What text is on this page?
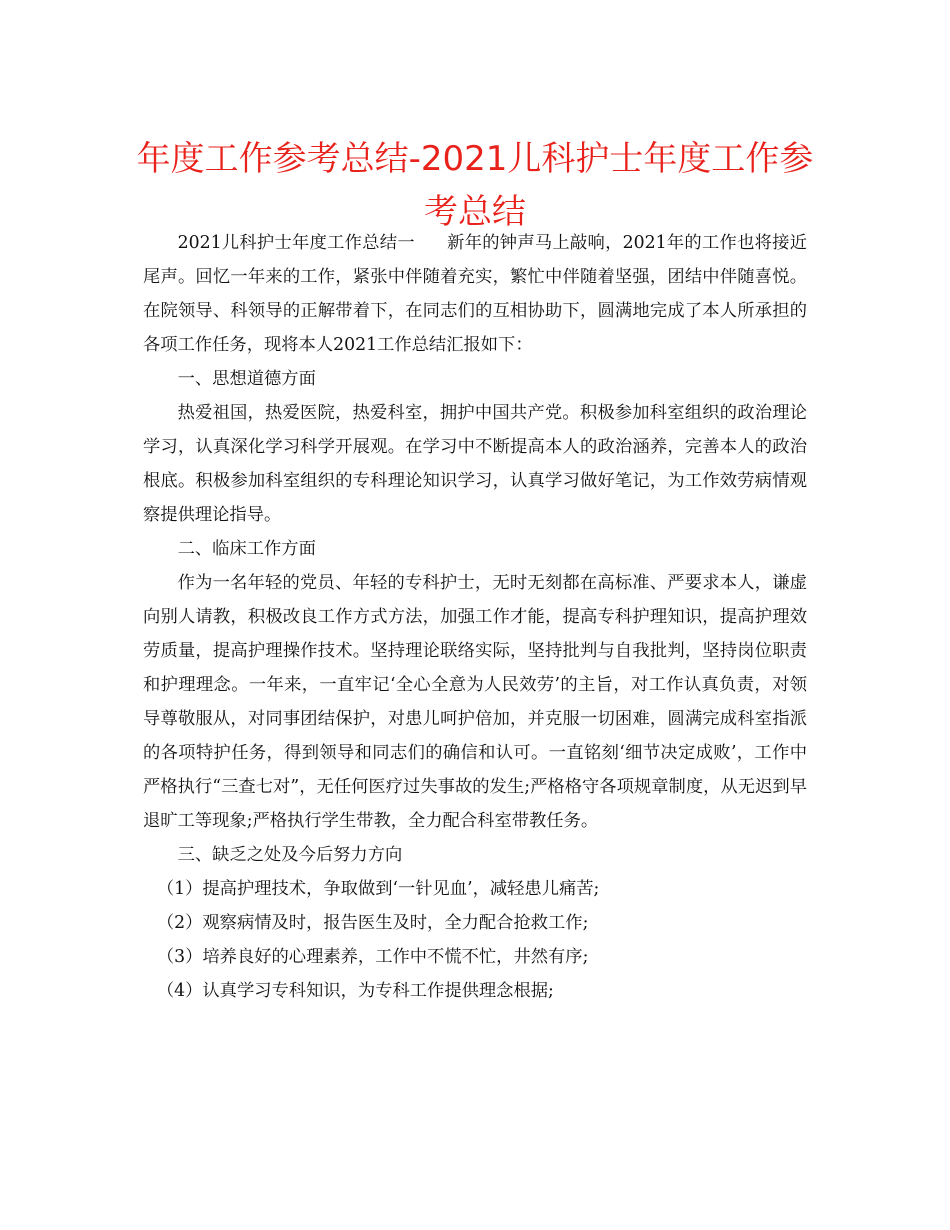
年度工作参考总结-2021儿科护士年度工作参考总结

2021儿科护士年度工作总结一 新年的钟声马上敲响，2021年的工作也将接近尾声。回忆一年来的工作，紧张中伴随着充实，繁忙中伴随着坚强，团结中伴随喜悦。在院领导、科领导的正解带着下，在同志们的互相协助下，圆满地完成了本人所承担的各项工作任务，现将本人2021工作总结汇报如下：

一、思想道德方面

热爱祖国，热爱医院，热爱科室，拥护中国共产党。积极参加科室组织的政治理论学习，认真深化学习科学开展观。在学习中不断提高本人的政治涵养，完善本人的政治根底。积极参加科室组织的专科理论知识学习，认真学习做好笔记，为工作效劳病情观察提供理论指导。

二、临床工作方面

作为一名年轻的党员、年轻的专科护士，无时无刻都在高标准、严要求本人，谦虚向别人请教，积极改良工作方式方法，加强工作才能，提高专科护理知识，提高护理效劳质量，提高护理操作技术。坚持理论联络实际，坚持批判与自我批判，坚持岗位职责和护理理念。一年来，一直牢记‘全心全意为人民效劳’的主旨，对工作认真负责，对领导尊敬服从，对同事团结保护，对患儿呵护倍加，并克服一切困难，圆满完成科室指派的各项特护任务，得到领导和同志们的确信和认可。一直铭刻‘细节决定成败’，工作中严格执行“三查七对”，无任何医疗过失事故的发生;严格格守各项规章制度，从无迟到早退旷工等现象;严格执行学生带教，全力配合科室带教任务。

三、缺乏之处及今后努力方向

（1）提高护理技术，争取做到‘一针见血’，减轻患儿痛苦;

（2）观察病情及时，报告医生及时，全力配合抢救工作;

（3）培养良好的心理素养，工作中不慌不忙，井然有序;

（4）认真学习专科知识，为专科工作提供理念根据;
